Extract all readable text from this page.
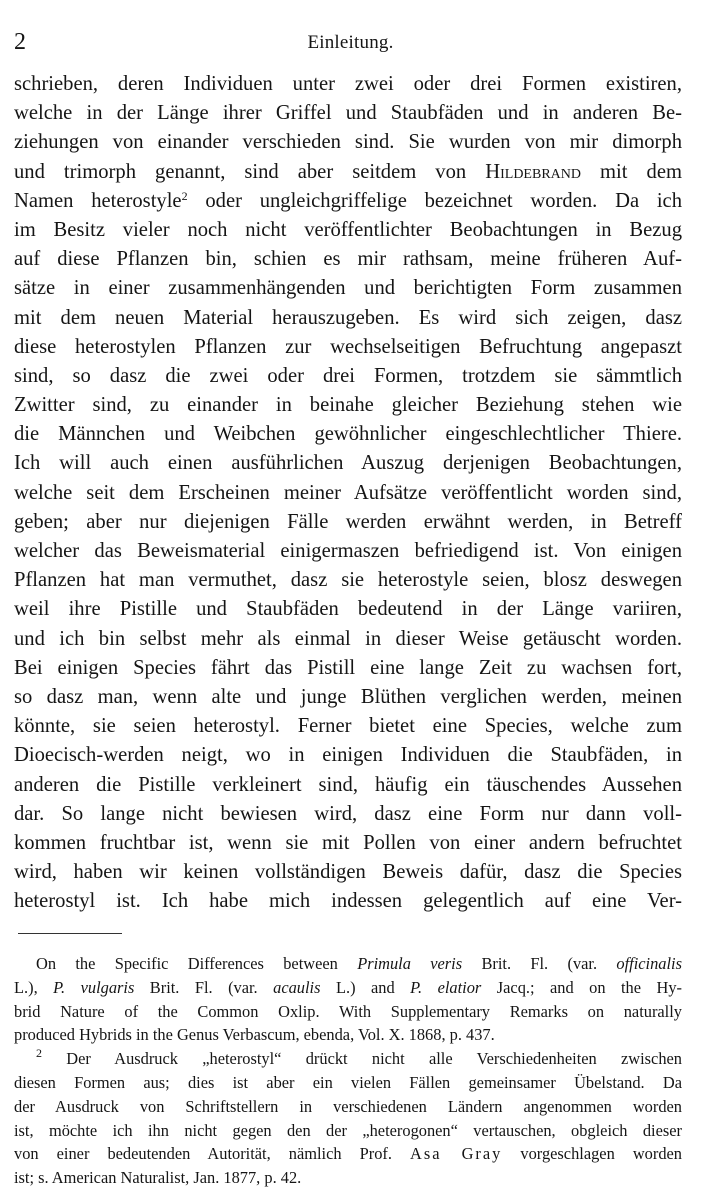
2	Einleitung.
schrieben, deren Individuen unter zwei oder drei Formen existiren,
welche in der Länge ihrer Griffel und Staubfäden und in anderen Be-
ziehungen von einander verschieden sind. Sie wurden von mir dimorph
und trimorph genannt, sind aber seitdem von Hildebrand mit dem
Namen heterostyle$^2$ oder ungleichgriffelige bezeichnet worden. Da ich
im Besitz vieler noch nicht veröffentlichter Beobachtungen in Bezug
auf diese Pflanzen bin, schien es mir rathsam, meine früheren Auf-
sätze in einer zusammenhängenden und berichtigten Form zusammen
mit dem neuen Material herauszugeben. Es wird sich zeigen, dasz
diese heterostylen Pflanzen zur wechselseitigen Befruchtung angepaszt
sind, so dasz die zwei oder drei Formen, trotzdem sie sämmtlich
Zwitter sind, zu einander in beinahe gleicher Beziehung stehen wie
die Männchen und Weibchen gewöhnlicher eingeschlechtlicher Thiere.
Ich will auch einen ausführlichen Auszug derjenigen Beobachtungen,
welche seit dem Erscheinen meiner Aufsätze veröffentlicht worden sind,
geben; aber nur diejenigen Fälle werden erwähnt werden, in Betreff
welcher das Beweismaterial einigermaszen befriedigend ist. Von einigen
Pflanzen hat man vermuthet, dasz sie heterostyle seien, blosz deswegen
weil ihre Pistille und Staubfäden bedeutend in der Länge variiren,
und ich bin selbst mehr als einmal in dieser Weise getäuscht worden.
Bei einigen Species fährt das Pistill eine lange Zeit zu wachsen fort,
so dasz man, wenn alte und junge Blüthen verglichen werden, meinen
könnte, sie seien heterostyl. Ferner bietet eine Species, welche zum
Dioecisch-werden neigt, wo in einigen Individuen die Staubfäden, in
anderen die Pistille verkleinert sind, häufig ein täuschendes Aussehen
dar. So lange nicht bewiesen wird, dasz eine Form nur dann voll-
kommen fruchtbar ist, wenn sie mit Pollen von einer andern befruchtet
wird, haben wir keinen vollständigen Beweis dafür, dasz die Species
heterostyl ist. Ich habe mich indessen gelegentlich auf eine Ver-
On the Specific Differences between Primula veris Brit. Fl. (var. officinalis
L.), P. vulgaris Brit. Fl. (var. acaulis L.) and P. elatior Jacq.; and on the Hy-
brid Nature of the Common Oxlip. With Supplementary Remarks on naturally
produced Hybrids in the Genus Verbascum, ebenda, Vol. X. 1868, p. 437.
$^2$ Der Ausdruck „heterostyl“ drückt nicht alle Verschiedenheiten zwischen
diesen Formen aus; dies ist aber ein vielen Fällen gemeinsamer Übelstand. Da
der Ausdruck von Schriftstellern in verschiedenen Ländern angenommen worden
ist, möchte ich ihn nicht gegen den der „heterogonen“ vertauschen, obgleich dieser
von einer bedeutenden Autorität, nämlich Prof. Asa Gray vorgeschlagen worden
ist; s. American Naturalist, Jan. 1877, p. 42.
